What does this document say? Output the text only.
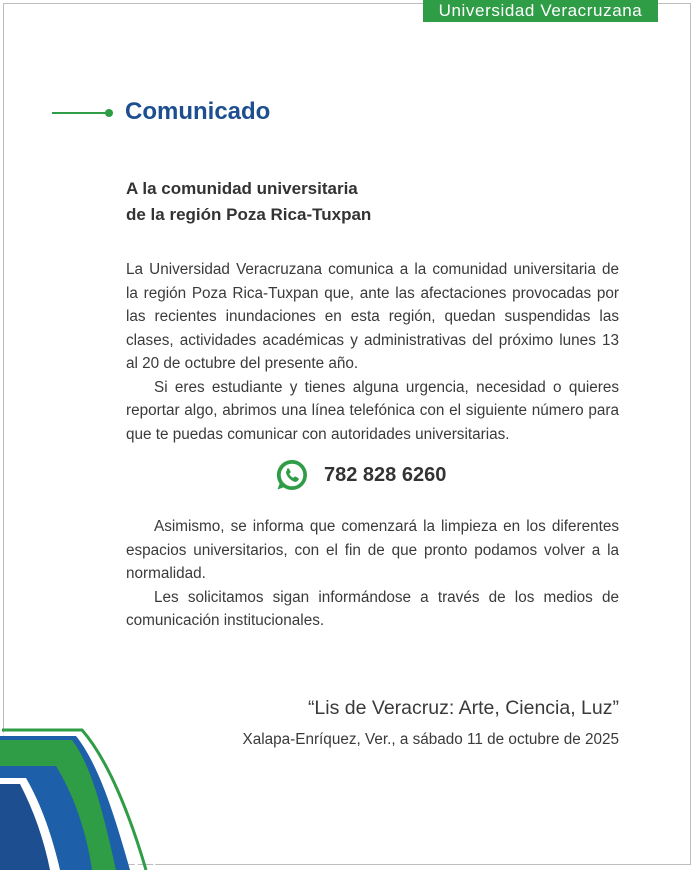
Universidad Veracruzana
Comunicado
A la comunidad universitaria
de la región Poza Rica-Tuxpan

La Universidad Veracruzana comunica a la comunidad universitaria de la región Poza Rica-Tuxpan que, ante las afectaciones provocadas por las recientes inundaciones en esta región, quedan suspendidas las clases, actividades académicas y administrativas del próximo lunes 13 al 20 de octubre del presente año.

Si eres estudiante y tienes alguna urgencia, necesidad o quieres reportar algo, abrimos una línea telefónica con el siguiente número para que te puedas comunicar con autoridades universitarias.

782 828 6260

Asimismo, se informa que comenzará la limpieza en los diferentes espacios universitarios, con el fin de que pronto podamos volver a la normalidad.

Les solicitamos sigan informándose a través de los medios de comunicación institucionales.

“Lis de Veracruz: Arte, Ciencia, Luz”
Xalapa-Enríquez, Ver., a sábado 11 de octubre de 2025
